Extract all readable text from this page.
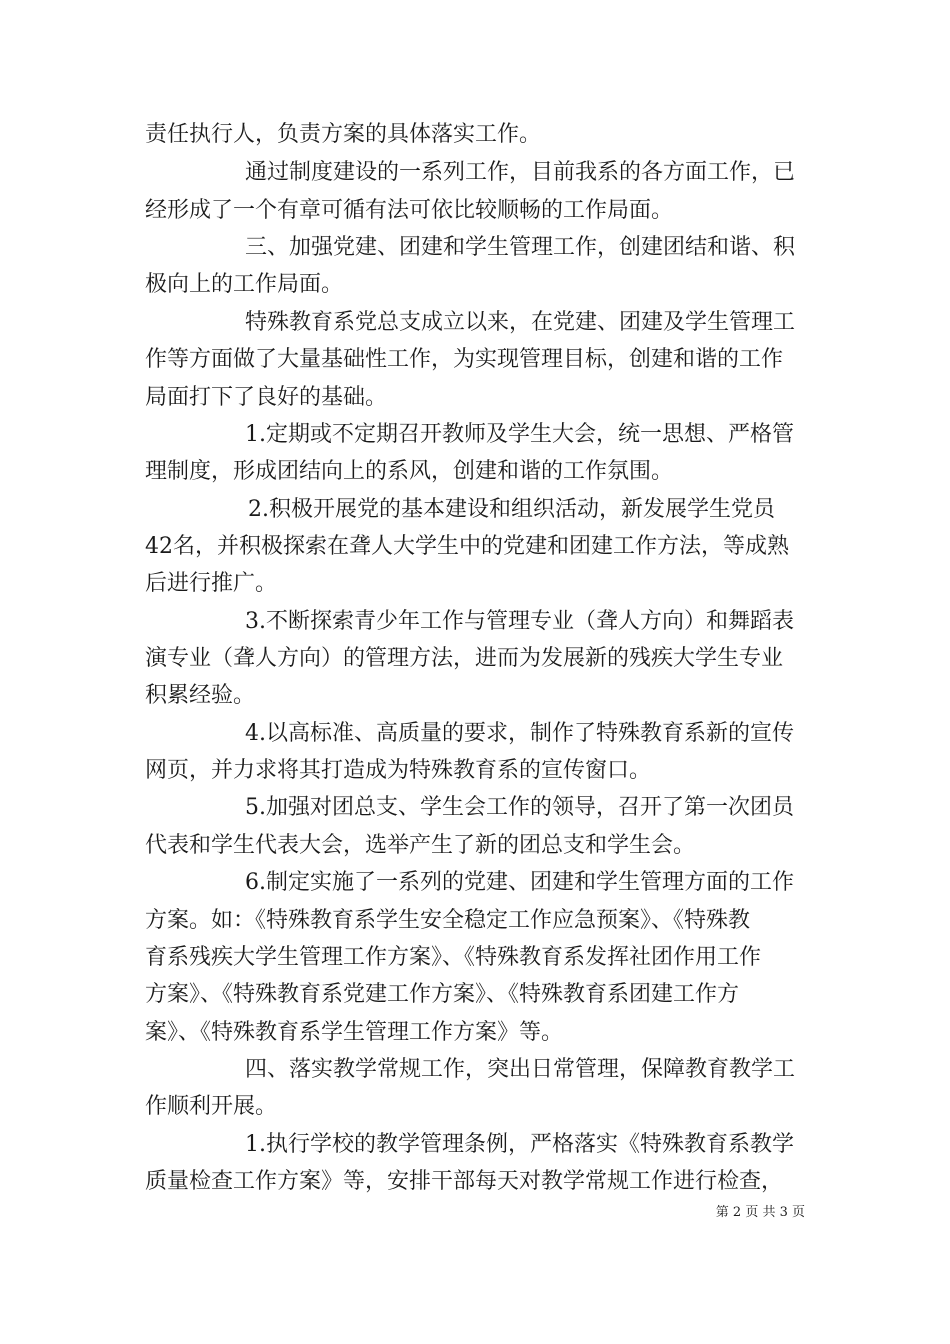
责任执行人，负责方案的具体落实工作。
通过制度建设的一系列工作，目前我系的各方面工作，已
经形成了一个有章可循有法可依比较顺畅的工作局面。
三、加强党建、团建和学生管理工作，创建团结和谐、积
极向上的工作局面。
特殊教育系党总支成立以来，在党建、团建及学生管理工
作等方面做了大量基础性工作，为实现管理目标，创建和谐的工作
局面打下了良好的基础。
1.定期或不定期召开教师及学生大会，统一思想、严格管
理制度，形成团结向上的系风，创建和谐的工作氛围。
2.积极开展党的基本建设和组织活动，新发展学生党员
42名，并积极探索在聋人大学生中的党建和团建工作方法，等成熟
后进行推广。
3.不断探索青少年工作与管理专业（聋人方向）和舞蹈表
演专业（聋人方向）的管理方法，进而为发展新的残疾大学生专业
积累经验。
4.以高标准、高质量的要求，制作了特殊教育系新的宣传
网页，并力求将其打造成为特殊教育系的宣传窗口。
5.加强对团总支、学生会工作的领导，召开了第一次团员
代表和学生代表大会，选举产生了新的团总支和学生会。
6.制定实施了一系列的党建、团建和学生管理方面的工作
方案。如：《特殊教育系学生安全稳定工作应急预案》、《特殊教
育系残疾大学生管理工作方案》、《特殊教育系发挥社团作用工作
方案》、《特殊教育系党建工作方案》、《特殊教育系团建工作方
案》、《特殊教育系学生管理工作方案》等。
四、落实教学常规工作，突出日常管理，保障教育教学工
作顺利开展。
1.执行学校的教学管理条例，严格落实《特殊教育系教学
质量检查工作方案》等，安排干部每天对教学常规工作进行检查，
第 2 页 共 3 页
